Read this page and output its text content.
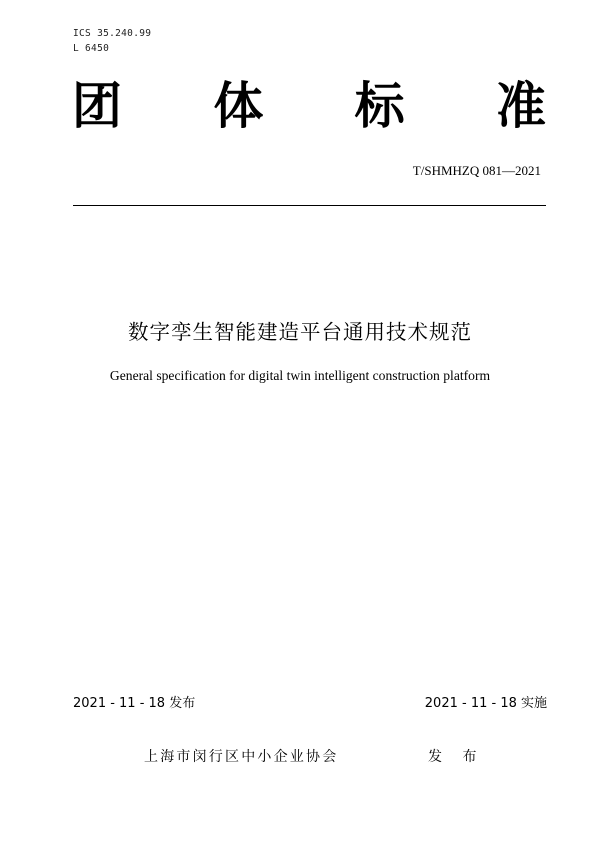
ICS 35.240.99
L 6450
团 体 标 准
T/SHMHZQ 081—2021
数字孪生智能建造平台通用技术规范
General specification for digital twin intelligent construction platform
2021 - 11 - 18 发布	2021 - 11 - 18 实施
上海市闵行区中小企业协会	发 布
